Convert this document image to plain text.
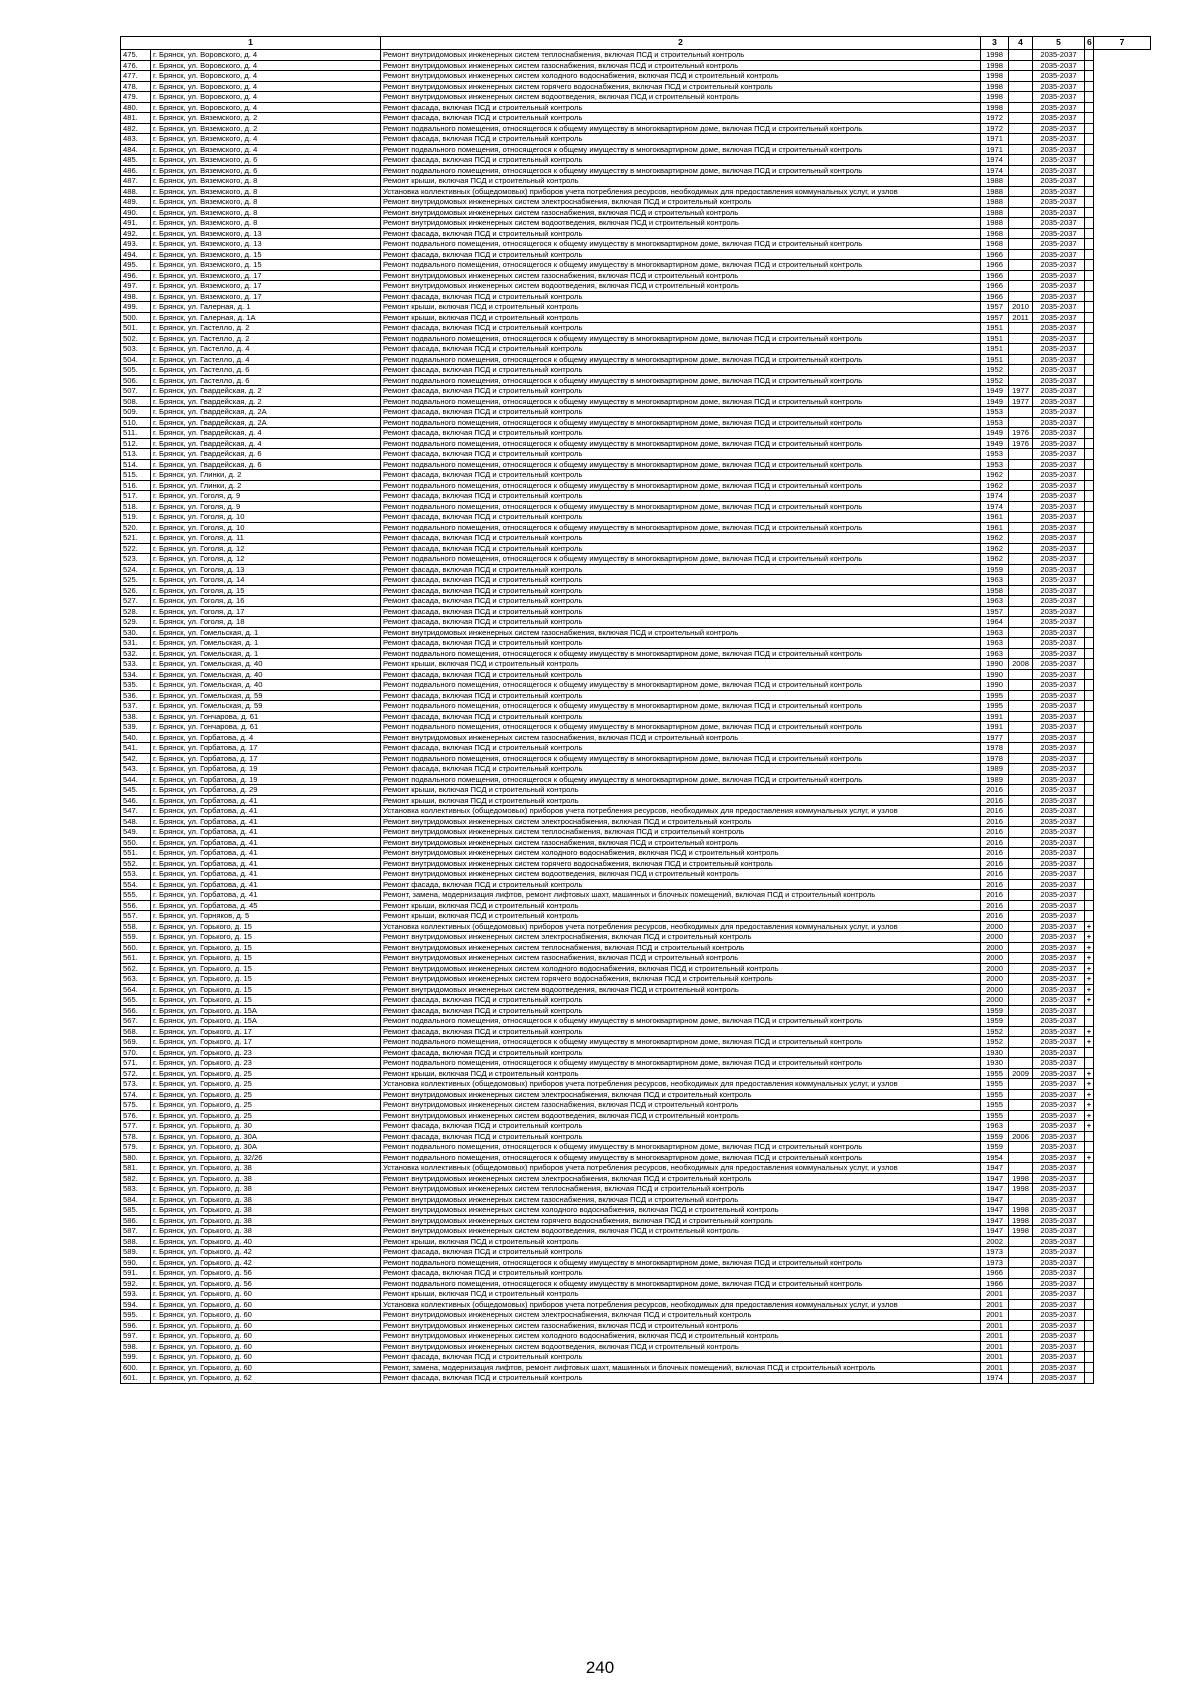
1		2	3	4	5	6	7	
475.	г. Брянск, ул. Воровского, д. 4	Ремонт внутридомовых инженерных систем теплоснабжения, включая ПСД и строительный контроль	1998		2035-2037			
476.	г. Брянск, ул. Воровского, д. 4	Ремонт внутридомовых инженерных систем газоснабжения, включая ПСД и строительный контроль	1998		2035-2037			
477.	г. Брянск, ул. Воровского, д. 4	Ремонт внутридомовых инженерных систем холодного водоснабжения, включая ПСД и строительный контроль	1998		2035-2037			
478.	г. Брянск, ул. Воровского, д. 4	Ремонт внутридомовых инженерных систем горячего водоснабжения, включая ПСД и строительный контроль	1998		2035-2037			
479.	г. Брянск, ул. Воровского, д. 4	Ремонт внутридомовых инженерных систем водоотведения, включая ПСД и строительный контроль	1998		2035-2037			
480.	г. Брянск, ул. Воровского, д. 4	Ремонт фасада, включая ПСД и строительный контроль	1998		2035-2037			
481.	г. Брянск, ул. Вяземского, д. 2	Ремонт фасада, включая ПСД и строительный контроль	1972		2035-2037			
482.	г. Брянск, ул. Вяземского, д. 2	Ремонт подвального помещения, относящегося к общему имуществу в многоквартирном доме, включая ПСД и строительный контроль	1972		2035-2037			
483.	г. Брянск, ул. Вяземского, д. 4	Ремонт фасада, включая ПСД и строительный контроль	1971		2035-2037			
484.	г. Брянск, ул. Вяземского, д. 4	Ремонт подвального помещения, относящегося к общему имуществу в многоквартирном доме, включая ПСД и строительный контроль	1971		2035-2037			
485.	г. Брянск, ул. Вяземского, д. 6	Ремонт фасада, включая ПСД и строительный контроль	1974		2035-2037			
486.	г. Брянск, ул. Вяземского, д. 6	Ремонт подвального помещения, относящегося к общему имуществу в многоквартирном доме, включая ПСД и строительный контроль	1974		2035-2037			
487.	г. Брянск, ул. Вяземского, д. 8	Ремонт крыши, включая ПСД и строительный контроль	1988		2035-2037			
488.	г. Брянск, ул. Вяземского, д. 8	Установка коллективных (общедомовых) приборов учета потребления ресурсов, необходимых для предоставления коммунальных услуг, и узлов	1988		2035-2037			
489.	г. Брянск, ул. Вяземского, д. 8	Ремонт внутридомовых инженерных систем электроснабжения, включая ПСД и строительный контроль	1988		2035-2037			
490.	г. Брянск, ул. Вяземского, д. 8	Ремонт внутридомовых инженерных систем газоснабжения, включая ПСД и строительный контроль	1988		2035-2037			
491.	г. Брянск, ул. Вяземского, д. 8	Ремонт внутридомовых инженерных систем водоотведения, включая ПСД и строительный контроль	1988		2035-2037			
492.	г. Брянск, ул. Вяземского, д. 13	Ремонт фасада, включая ПСД и строительный контроль	1968		2035-2037			
493.	г. Брянск, ул. Вяземского, д. 13	Ремонт подвального помещения, относящегося к общему имуществу в многоквартирном доме, включая ПСД и строительный контроль	1968		2035-2037			
494.	г. Брянск, ул. Вяземского, д. 15	Ремонт фасада, включая ПСД и строительный контроль	1966		2035-2037			
495.	г. Брянск, ул. Вяземского, д. 15	Ремонт подвального помещения, относящегося к общему имуществу в многоквартирном доме, включая ПСД и строительный контроль	1966		2035-2037			
496.	г. Брянск, ул. Вяземского, д. 17	Ремонт внутридомовых инженерных систем газоснабжения, включая ПСД и строительный контроль	1966		2035-2037			
497.	г. Брянск, ул. Вяземского, д. 17	Ремонт внутридомовых инженерных систем водоотведения, включая ПСД и строительный контроль	1966		2035-2037			
498.	г. Брянск, ул. Вяземского, д. 17	Ремонт фасада, включая ПСД и строительный контроль	1966		2035-2037			
499.	г. Брянск, ул. Галерная, д. 1	Ремонт крыши, включая ПСД и строительный контроль	1957	2010	2035-2037			
500.	г. Брянск, ул. Галерная, д. 1А	Ремонт крыши, включая ПСД и строительный контроль	1957	2011	2035-2037			
501.	г. Брянск, ул. Гастелло, д. 2	Ремонт фасада, включая ПСД и строительный контроль	1951		2035-2037			
502.	г. Брянск, ул. Гастелло, д. 2	Ремонт подвального помещения, относящегося к общему имуществу в многоквартирном доме, включая ПСД и строительный контроль	1951		2035-2037			
503.	г. Брянск, ул. Гастелло, д. 4	Ремонт фасада, включая ПСД и строительный контроль	1951		2035-2037			
504.	г. Брянск, ул. Гастелло, д. 4	Ремонт подвального помещения, относящегося к общему имуществу в многоквартирном доме, включая ПСД и строительный контроль	1951		2035-2037			
505.	г. Брянск, ул. Гастелло, д. 6	Ремонт фасада, включая ПСД и строительный контроль	1952		2035-2037			
506.	г. Брянск, ул. Гастелло, д. 6	Ремонт подвального помещения, относящегося к общему имуществу в многоквартирном доме, включая ПСД и строительный контроль	1952		2035-2037			
507.	г. Брянск, ул. Гвардейская, д. 2	Ремонт фасада, включая ПСД и строительный контроль	1949	1977	2035-2037			
508.	г. Брянск, ул. Гвардейская, д. 2	Ремонт подвального помещения, относящегося к общему имуществу в многоквартирном доме, включая ПСД и строительный контроль	1949	1977	2035-2037			
509.	г. Брянск, ул. Гвардейская, д. 2А	Ремонт фасада, включая ПСД и строительный контроль	1953		2035-2037			
510.	г. Брянск, ул. Гвардейская, д. 2А	Ремонт подвального помещения, относящегося к общему имуществу в многоквартирном доме, включая ПСД и строительный контроль	1953		2035-2037			
511.	г. Брянск, ул. Гвардейская, д. 4	Ремонт фасада, включая ПСД и строительный контроль	1949	1976	2035-2037			
512.	г. Брянск, ул. Гвардейская, д. 4	Ремонт подвального помещения, относящегося к общему имуществу в многоквартирном доме, включая ПСД и строительный контроль	1949	1976	2035-2037			
513.	г. Брянск, ул. Гвардейская, д. 6	Ремонт фасада, включая ПСД и строительный контроль	1953		2035-2037			
514.	г. Брянск, ул. Гвардейская, д. 6	Ремонт подвального помещения, относящегося к общему имуществу в многоквартирном доме, включая ПСД и строительный контроль	1953		2035-2037			
515.	г. Брянск, ул. Глинки, д. 2	Ремонт фасада, включая ПСД и строительный контроль	1962		2035-2037			
516.	г. Брянск, ул. Глинки, д. 2	Ремонт подвального помещения, относящегося к общему имуществу в многоквартирном доме, включая ПСД и строительный контроль	1962		2035-2037			
517.	г. Брянск, ул. Гоголя, д. 9	Ремонт фасада, включая ПСД и строительный контроль	1974		2035-2037			
518.	г. Брянск, ул. Гоголя, д. 9	Ремонт подвального помещения, относящегося к общему имуществу в многоквартирном доме, включая ПСД и строительный контроль	1974		2035-2037			
519.	г. Брянск, ул. Гоголя, д. 10	Ремонт фасада, включая ПСД и строительный контроль	1961		2035-2037			
520.	г. Брянск, ул. Гоголя, д. 10	Ремонт подвального помещения, относящегося к общему имуществу в многоквартирном доме, включая ПСД и строительный контроль	1961		2035-2037			
521.	г. Брянск, ул. Гоголя, д. 11	Ремонт фасада, включая ПСД и строительный контроль	1962		2035-2037			
522.	г. Брянск, ул. Гоголя, д. 12	Ремонт фасада, включая ПСД и строительный контроль	1962		2035-2037			
523.	г. Брянск, ул. Гоголя, д. 12	Ремонт подвального помещения, относящегося к общему имуществу в многоквартирном доме, включая ПСД и строительный контроль	1962		2035-2037			
524.	г. Брянск, ул. Гоголя, д. 13	Ремонт фасада, включая ПСД и строительный контроль	1959		2035-2037			
525.	г. Брянск, ул. Гоголя, д. 14	Ремонт фасада, включая ПСД и строительный контроль	1963		2035-2037			
526.	г. Брянск, ул. Гоголя, д. 15	Ремонт фасада, включая ПСД и строительный контроль	1958		2035-2037			
527.	г. Брянск, ул. Гоголя, д. 16	Ремонт фасада, включая ПСД и строительный контроль	1963		2035-2037			
528.	г. Брянск, ул. Гоголя, д. 17	Ремонт фасада, включая ПСД и строительный контроль	1957		2035-2037			
529.	г. Брянск, ул. Гоголя, д. 18	Ремонт фасада, включая ПСД и строительный контроль	1964		2035-2037			
530.	г. Брянск, ул. Гомельская, д. 1	Ремонт внутридомовых инженерных систем газоснабжения, включая ПСД и строительный контроль	1963		2035-2037			
531.	г. Брянск, ул. Гомельская, д. 1	Ремонт фасада, включая ПСД и строительный контроль	1963		2035-2037			
532.	г. Брянск, ул. Гомельская, д. 1	Ремонт подвального помещения, относящегося к общему имуществу в многоквартирном доме, включая ПСД и строительный контроль	1963		2035-2037			
533.	г. Брянск, ул. Гомельская, д. 40	Ремонт крыши, включая ПСД и строительный контроль	1990	2008	2035-2037			
534.	г. Брянск, ул. Гомельская, д. 40	Ремонт фасада, включая ПСД и строительный контроль	1990		2035-2037			
535.	г. Брянск, ул. Гомельская, д. 40	Ремонт подвального помещения, относящегося к общему имуществу в многоквартирном доме, включая ПСД и строительный контроль	1990		2035-2037			
536.	г. Брянск, ул. Гомельская, д. 59	Ремонт фасада, включая ПСД и строительный контроль	1995		2035-2037			
537.	г. Брянск, ул. Гомельская, д. 59	Ремонт подвального помещения, относящегося к общему имуществу в многоквартирном доме, включая ПСД и строительный контроль	1995		2035-2037			
538.	г. Брянск, ул. Гончарова, д. 61	Ремонт фасада, включая ПСД и строительный контроль	1991		2035-2037			
539.	г. Брянск, ул. Гончарова, д. 61	Ремонт подвального помещения, относящегося к общему имуществу в многоквартирном доме, включая ПСД и строительный контроль	1991		2035-2037			
540.	г. Брянск, ул. Горбатова, д. 4	Ремонт внутридомовых инженерных систем газоснабжения, включая ПСД и строительный контроль	1977		2035-2037			
541.	г. Брянск, ул. Горбатова, д. 17	Ремонт фасада, включая ПСД и строительный контроль	1978		2035-2037			
542.	г. Брянск, ул. Горбатова, д. 17	Ремонт подвального помещения, относящегося к общему имуществу в многоквартирном доме, включая ПСД и строительный контроль	1978		2035-2037			
543.	г. Брянск, ул. Горбатова, д. 19	Ремонт фасада, включая ПСД и строительный контроль	1989		2035-2037			
544.	г. Брянск, ул. Горбатова, д. 19	Ремонт подвального помещения, относящегося к общему имуществу в многоквартирном доме, включая ПСД и строительный контроль	1989		2035-2037			
545.	г. Брянск, ул. Горбатова, д. 29	Ремонт крыши, включая ПСД и строительный контроль	2016		2035-2037			
546.	г. Брянск, ул. Горбатова, д. 41	Ремонт крыши, включая ПСД и строительный контроль	2016		2035-2037			
547.	г. Брянск, ул. Горбатова, д. 41	Установка коллективных (общедомовых) приборов учета потребления ресурсов, необходимых для предоставления коммунальных услуг, и узлов	2016		2035-2037			
548.	г. Брянск, ул. Горбатова, д. 41	Ремонт внутридомовых инженерных систем электроснабжения, включая ПСД и строительный контроль	2016		2035-2037			
549.	г. Брянск, ул. Горбатова, д. 41	Ремонт внутридомовых инженерных систем теплоснабжения, включая ПСД и строительный контроль	2016		2035-2037			
550.	г. Брянск, ул. Горбатова, д. 41	Ремонт внутридомовых инженерных систем газоснабжения, включая ПСД и строительный контроль	2016		2035-2037			
551.	г. Брянск, ул. Горбатова, д. 41	Ремонт внутридомовых инженерных систем холодного водоснабжения, включая ПСД и строительный контроль	2016		2035-2037			
552.	г. Брянск, ул. Горбатова, д. 41	Ремонт внутридомовых инженерных систем горячего водоснабжения, включая ПСД и строительный контроль	2016		2035-2037			
553.	г. Брянск, ул. Горбатова, д. 41	Ремонт внутридомовых инженерных систем водоотведения, включая ПСД и строительный контроль	2016		2035-2037			
554.	г. Брянск, ул. Горбатова, д. 41	Ремонт фасада, включая ПСД и строительный контроль	2016		2035-2037			
555.	г. Брянск, ул. Горбатова, д. 41	Ремонт, замена, модернизация лифтов, ремонт лифтовых шахт, машинных и блочных помещений, включая ПСД и строительный контроль	2016		2035-2037			
556.	г. Брянск, ул. Горбатова, д. 45	Ремонт крыши, включая ПСД и строительный контроль	2016		2035-2037			
557.	г. Брянск, ул. Горняков, д. 5	Ремонт крыши, включая ПСД и строительный контроль	2016		2035-2037			
558.	г. Брянск, ул. Горького, д. 15	Установка коллективных (общедомовых) приборов учета потребления ресурсов, необходимых для предоставления коммунальных услуг, и узлов	2000		2035-2037	+		
559.	г. Брянск, ул. Горького, д. 15	Ремонт внутридомовых инженерных систем электроснабжения, включая ПСД и строительный контроль	2000		2035-2037	+		
560.	г. Брянск, ул. Горького, д. 15	Ремонт внутридомовых инженерных систем теплоснабжения, включая ПСД и строительный контроль	2000		2035-2037	+		
561.	г. Брянск, ул. Горького, д. 15	Ремонт внутридомовых инженерных систем газоснабжения, включая ПСД и строительный контроль	2000		2035-2037	+		
562.	г. Брянск, ул. Горького, д. 15	Ремонт внутридомовых инженерных систем холодного водоснабжения, включая ПСД и строительный контроль	2000		2035-2037	+		
563.	г. Брянск, ул. Горького, д. 15	Ремонт внутридомовых инженерных систем горячего водоснабжения, включая ПСД и строительный контроль	2000		2035-2037	+		
564.	г. Брянск, ул. Горького, д. 15	Ремонт внутридомовых инженерных систем водоотведения, включая ПСД и строительный контроль	2000		2035-2037	+		
565.	г. Брянск, ул. Горького, д. 15	Ремонт фасада, включая ПСД и строительный контроль	2000		2035-2037	+		
566.	г. Брянск, ул. Горького, д. 15А	Ремонт фасада, включая ПСД и строительный контроль	1959		2035-2037			
567.	г. Брянск, ул. Горького, д. 15А	Ремонт подвального помещения, относящегося к общему имуществу в многоквартирном доме, включая ПСД и строительный контроль	1959		2035-2037			
568.	г. Брянск, ул. Горького, д. 17	Ремонт фасада, включая ПСД и строительный контроль	1952		2035-2037	+		
569.	г. Брянск, ул. Горького, д. 17	Ремонт подвального помещения, относящегося к общему имуществу в многоквартирном доме, включая ПСД и строительный контроль	1952		2035-2037	+		
570.	г. Брянск, ул. Горького, д. 23	Ремонт фасада, включая ПСД и строительный контроль	1930		2035-2037			
571.	г. Брянск, ул. Горького, д. 23	Ремонт подвального помещения, относящегося к общему имуществу в многоквартирном доме, включая ПСД и строительный контроль	1930		2035-2037			
572.	г. Брянск, ул. Горького, д. 25	Ремонт крыши, включая ПСД и строительный контроль	1955	2009	2035-2037	+		
573.	г. Брянск, ул. Горького, д. 25	Установка коллективных (общедомовых) приборов учета потребления ресурсов, необходимых для предоставления коммунальных услуг, и узлов	1955		2035-2037	+		
574.	г. Брянск, ул. Горького, д. 25	Ремонт внутридомовых инженерных систем электроснабжения, включая ПСД и строительный контроль	1955		2035-2037	+		
575.	г. Брянск, ул. Горького, д. 25	Ремонт внутридомовых инженерных систем газоснабжения, включая ПСД и строительный контроль	1955		2035-2037	+		
576.	г. Брянск, ул. Горького, д. 25	Ремонт внутридомовых инженерных систем водоотведения, включая ПСД и строительный контроль	1955		2035-2037	+		
577.	г. Брянск, ул. Горького, д. 30	Ремонт фасада, включая ПСД и строительный контроль	1963		2035-2037	+		
578.	г. Брянск, ул. Горького, д. 30А	Ремонт фасада, включая ПСД и строительный контроль	1959	2006	2035-2037			
579.	г. Брянск, ул. Горького, д. 30А	Ремонт подвального помещения, относящегося к общему имуществу в многоквартирном доме, включая ПСД и строительный контроль	1959		2035-2037			
580.	г. Брянск, ул. Горького, д. 32/26	Ремонт подвального помещения, относящегося к общему имуществу в многоквартирном доме, включая ПСД и строительный контроль	1954		2035-2037	+		
581.	г. Брянск, ул. Горького, д. 38	Установка коллективных (общедомовых) приборов учета потребления ресурсов, необходимых для предоставления коммунальных услуг, и узлов	1947		2035-2037			
582.	г. Брянск, ул. Горького, д. 38	Ремонт внутридомовых инженерных систем электроснабжения, включая ПСД и строительный контроль	1947	1998	2035-2037			
583.	г. Брянск, ул. Горького, д. 38	Ремонт внутридомовых инженерных систем теплоснабжения, включая ПСД и строительный контроль	1947	1998	2035-2037			
584.	г. Брянск, ул. Горького, д. 38	Ремонт внутридомовых инженерных систем газоснабжения, включая ПСД и строительный контроль	1947		2035-2037			
585.	г. Брянск, ул. Горького, д. 38	Ремонт внутридомовых инженерных систем холодного водоснабжения, включая ПСД и строительный контроль	1947	1998	2035-2037			
586.	г. Брянск, ул. Горького, д. 38	Ремонт внутридомовых инженерных систем горячего водоснабжения, включая ПСД и строительный контроль	1947	1998	2035-2037			
587.	г. Брянск, ул. Горького, д. 38	Ремонт внутридомовых инженерных систем водоотведения, включая ПСД и строительный контроль	1947	1998	2035-2037			
588.	г. Брянск, ул. Горького, д. 40	Ремонт крыши, включая ПСД и строительный контроль	2002		2035-2037			
589.	г. Брянск, ул. Горького, д. 42	Ремонт фасада, включая ПСД и строительный контроль	1973		2035-2037			
590.	г. Брянск, ул. Горького, д. 42	Ремонт подвального помещения, относящегося к общему имуществу в многоквартирном доме, включая ПСД и строительный контроль	1973		2035-2037			
591.	г. Брянск, ул. Горького, д. 56	Ремонт фасада, включая ПСД и строительный контроль	1966		2035-2037			
592.	г. Брянск, ул. Горького, д. 56	Ремонт подвального помещения, относящегося к общему имуществу в многоквартирном доме, включая ПСД и строительный контроль	1966		2035-2037			
593.	г. Брянск, ул. Горького, д. 60	Ремонт крыши, включая ПСД и строительный контроль	2001		2035-2037			
594.	г. Брянск, ул. Горького, д. 60	Установка коллективных (общедомовых) приборов учета потребления ресурсов, необходимых для предоставления коммунальных услуг, и узлов	2001		2035-2037			
595.	г. Брянск, ул. Горького, д. 60	Ремонт внутридомовых инженерных систем электроснабжения, включая ПСД и строительный контроль	2001		2035-2037			
596.	г. Брянск, ул. Горького, д. 60	Ремонт внутридомовых инженерных систем газоснабжения, включая ПСД и строительный контроль	2001		2035-2037			
597.	г. Брянск, ул. Горького, д. 60	Ремонт внутридомовых инженерных систем холодного водоснабжения, включая ПСД и строительный контроль	2001		2035-2037			
598.	г. Брянск, ул. Горького, д. 60	Ремонт внутридомовых инженерных систем водоотведения, включая ПСД и строительный контроль	2001		2035-2037			
599.	г. Брянск, ул. Горького, д. 60	Ремонт фасада, включая ПСД и строительный контроль	2001		2035-2037			
600.	г. Брянск, ул. Горького, д. 60	Ремонт, замена, модернизация лифтов, ремонт лифтовых шахт, машинных и блочных помещений, включая ПСД и строительный контроль	2001		2035-2037			
601.	г. Брянск, ул. Горького, д. 62	Ремонт фасада, включая ПСД и строительный контроль	1974		2035-2037			
240
